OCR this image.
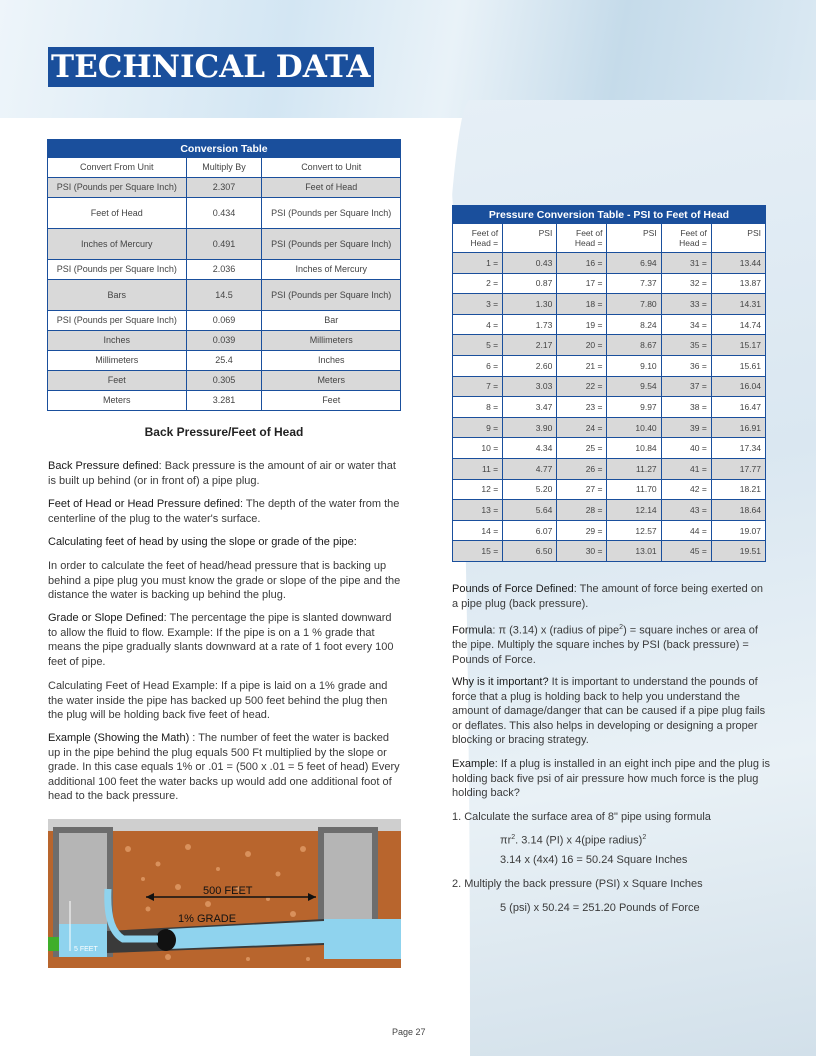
TECHNICAL DATA
Conversion Table		
Convert From Unit	Multiply By	Convert to Unit
PSI (Pounds per Square Inch)	2.307	Feet of Head
Feet of Head	0.434	PSI (Pounds per Square Inch)
Inches of Mercury	0.491	PSI (Pounds per Square Inch)
PSI (Pounds per Square Inch)	2.036	Inches of Mercury
Bars	14.5	PSI (Pounds per Square Inch)
PSI (Pounds per Square Inch)	0.069	Bar
Inches	0.039	Millimeters
Millimeters	25.4	Inches
Feet	0.305	Meters
Meters	3.281	Feet
Back Pressure/Feet of Head
Back Pressure defined: Back pressure is the amount of air or water that is built up behind (or in front of) a pipe plug.
Feet of Head or Head Pressure defined: The depth of the water from the centerline of the plug to the water's surface.
Calculating feet of head by using the slope or grade of the pipe:
In order to calculate the feet of head/head pressure that is backing up behind a pipe plug you must know the grade or slope of the pipe and the distance the water is backing up behind the plug.
Grade or Slope Defined: The percentage the pipe is slanted downward to allow the fluid to flow. Example: If the pipe is on a 1 % grade that means the pipe gradually slants downward at a rate of 1 foot every 100 feet of pipe.
Calculating Feet of Head Example: If a pipe is laid on a 1% grade and the water inside the pipe has backed up 500 feet behind the plug then the plug will be holding back five feet of head.
Example (Showing the Math) : The number of feet the water is backed up in the pipe behind the plug equals 500 Ft multiplied by the slope or grade. In this case equals 1% or .01 = (500 x .01 = 5 feet of head) Every additional 100 feet the water backs up would add one additional foot of head to the back pressure.
500 FEET
1% GRADE
5 FEET
Pressure Conversion Table - PSI to Feet of Head					
Feet of Head =	PSI	Feet of Head =	PSI	Feet of Head =	PSI
1 =	0.43	16 =	6.94	31 =	13.44
2 =	0.87	17 =	7.37	32 =	13.87
3 =	1.30	18 =	7.80	33 =	14.31
4 =	1.73	19 =	8.24	34 =	14.74
5 =	2.17	20 =	8.67	35 =	15.17
6 =	2.60	21 =	9.10	36 =	15.61
7 =	3.03	22 =	9.54	37 =	16.04
8 =	3.47	23 =	9.97	38 =	16.47
9 =	3.90	24 =	10.40	39 =	16.91
10 =	4.34	25 =	10.84	40 =	17.34
11 =	4.77	26 =	11.27	41 =	17.77
12 =	5.20	27 =	11.70	42 =	18.21
13 =	5.64	28 =	12.14	43 =	18.64
14 =	6.07	29 =	12.57	44 =	19.07
15 =	6.50	30 =	13.01	45 =	19.51
Pounds of Force Defined: The amount of force being exerted on a pipe plug (back pressure).
Formula: π (3.14) x (radius of pipe$^2$) = square inches or area of the pipe. Multiply the square inches by PSI (back pressure) = Pounds of Force.
Why is it important? It is important to understand the pounds of force that a plug is holding back to help you understand the amount of damage/danger that can be caused if a pipe plug fails or deflates. This also helps in developing or designing a proper blocking or bracing strategy.
Example: If a plug is installed in an eight inch pipe and the plug is holding back five psi of air pressure how much force is the plug holding back?
1. Calculate the surface area of 8" pipe using formula
$\pi r^2$. 3.14 (PI) x 4(pipe radius)$^2$
3.14 x (4x4) 16 = 50.24 Square Inches
2. Multiply the back pressure (PSI) x Square Inches
5 (psi) x 50.24 = 251.20 Pounds of Force
Page 27
